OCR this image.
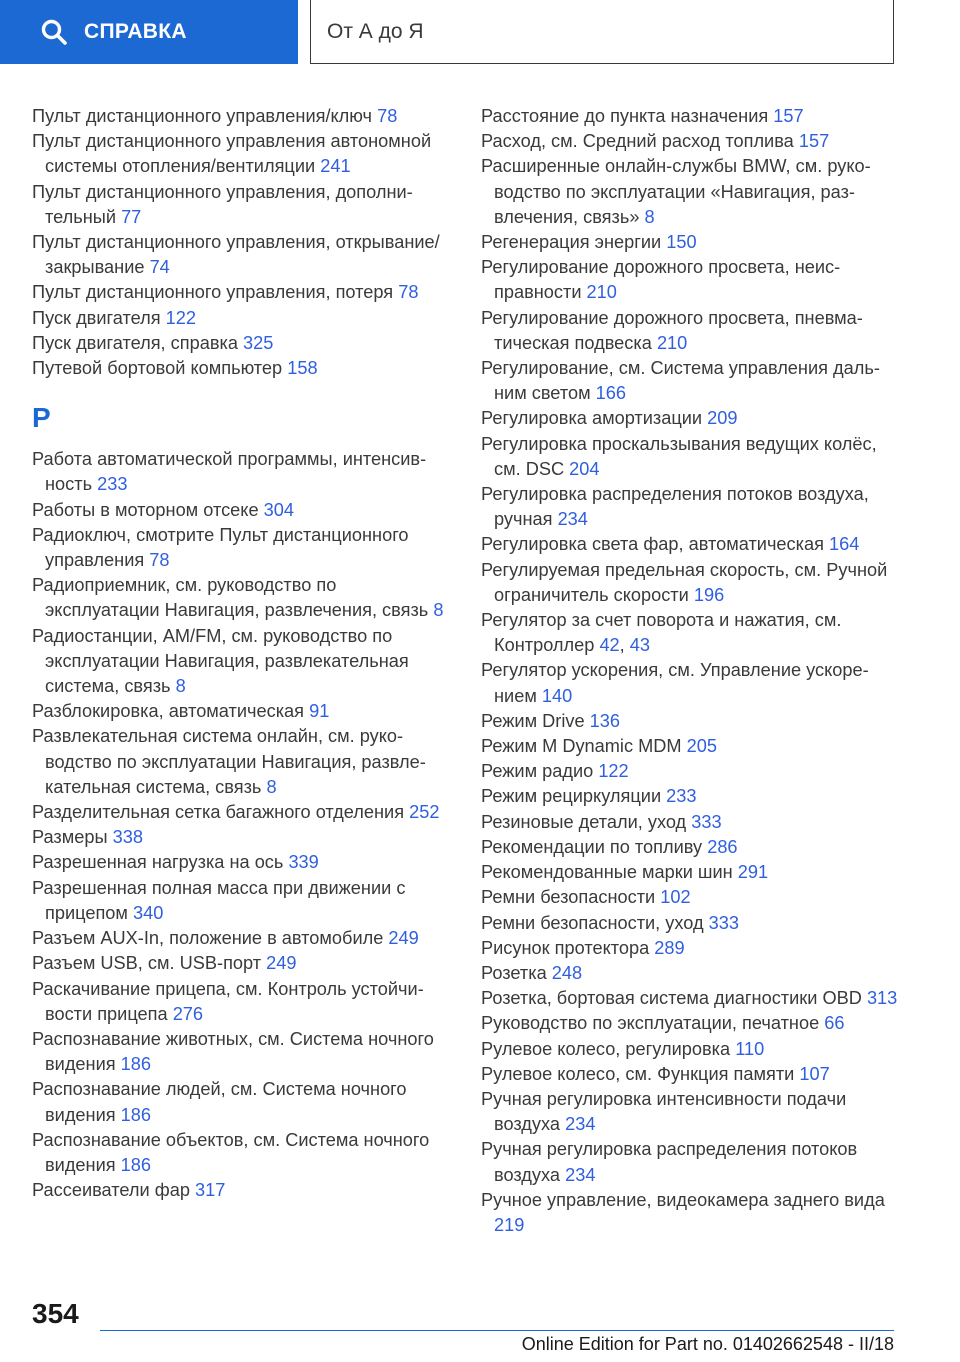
СПРАВКА	От А до Я
Пульт дистанционного управления/ключ 78
Пульт дистанционного управления автономной системы отопления/вентиляции 241
Пульт дистанционного управления, дополнительный 77
Пульт дистанционного управления, открывание/закрывание 74
Пульт дистанционного управления, потеря 78
Пуск двигателя 122
Пуск двигателя, справка 325
Путевой бортовой компьютер 158
Р
Работа автоматической программы, интенсивность 233
Работы в моторном отсеке 304
Радиоключ, смотрите Пульт дистанционного управления 78
Радиоприемник, см. руководство по эксплуатации Навигация, развлечения, связь 8
Радиостанции, AM/FM, см. руководство по эксплуатации Навигация, развлекательная система, связь 8
Разблокировка, автоматическая 91
Развлекательная система онлайн, см. руководство по эксплуатации Навигация, развлекательная система, связь 8
Разделительная сетка багажного отделения 252
Размеры 338
Разрешенная нагрузка на ось 339
Разрешенная полная масса при движении с прицепом 340
Разъем AUX-In, положение в автомобиле 249
Разъем USB, см. USB-порт 249
Раскачивание прицепа, см. Контроль устойчивости прицепа 276
Распознавание животных, см. Система ночного видения 186
Распознавание людей, см. Система ночного видения 186
Распознавание объектов, см. Система ночного видения 186
Рассеиватели фар 317
Расстояние до пункта назначения 157
Расход, см. Средний расход топлива 157
Расширенные онлайн-службы BMW, см. руководство по эксплуатации «Навигация, развлечения, связь» 8
Регенерация энергии 150
Регулирование дорожного просвета, неисправности 210
Регулирование дорожного просвета, пневматическая подвеска 210
Регулирование, см. Система управления дальним светом 166
Регулировка амортизации 209
Регулировка проскальзывания ведущих колёс, см. DSC 204
Регулировка распределения потоков воздуха, ручная 234
Регулировка света фар, автоматическая 164
Регулируемая предельная скорость, см. Ручной ограничитель скорости 196
Регулятор за счет поворота и нажатия, см. Контроллер 42, 43
Регулятор ускорения, см. Управление ускорением 140
Режим Drive 136
Режим M Dynamic MDM 205
Режим радио 122
Режим рециркуляции 233
Резиновые детали, уход 333
Рекомендации по топливу 286
Рекомендованные марки шин 291
Ремни безопасности 102
Ремни безопасности, уход 333
Рисунок протектора 289
Розетка 248
Розетка, бортовая система диагностики OBD 313
Руководство по эксплуатации, печатное 66
Рулевое колесо, регулировка 110
Рулевое колесо, см. Функция памяти 107
Ручная регулировка интенсивности подачи воздуха 234
Ручная регулировка распределения потоков воздуха 234
Ручное управление, видеокамера заднего вида 219
354
Online Edition for Part no. 01402662548 - II/18
